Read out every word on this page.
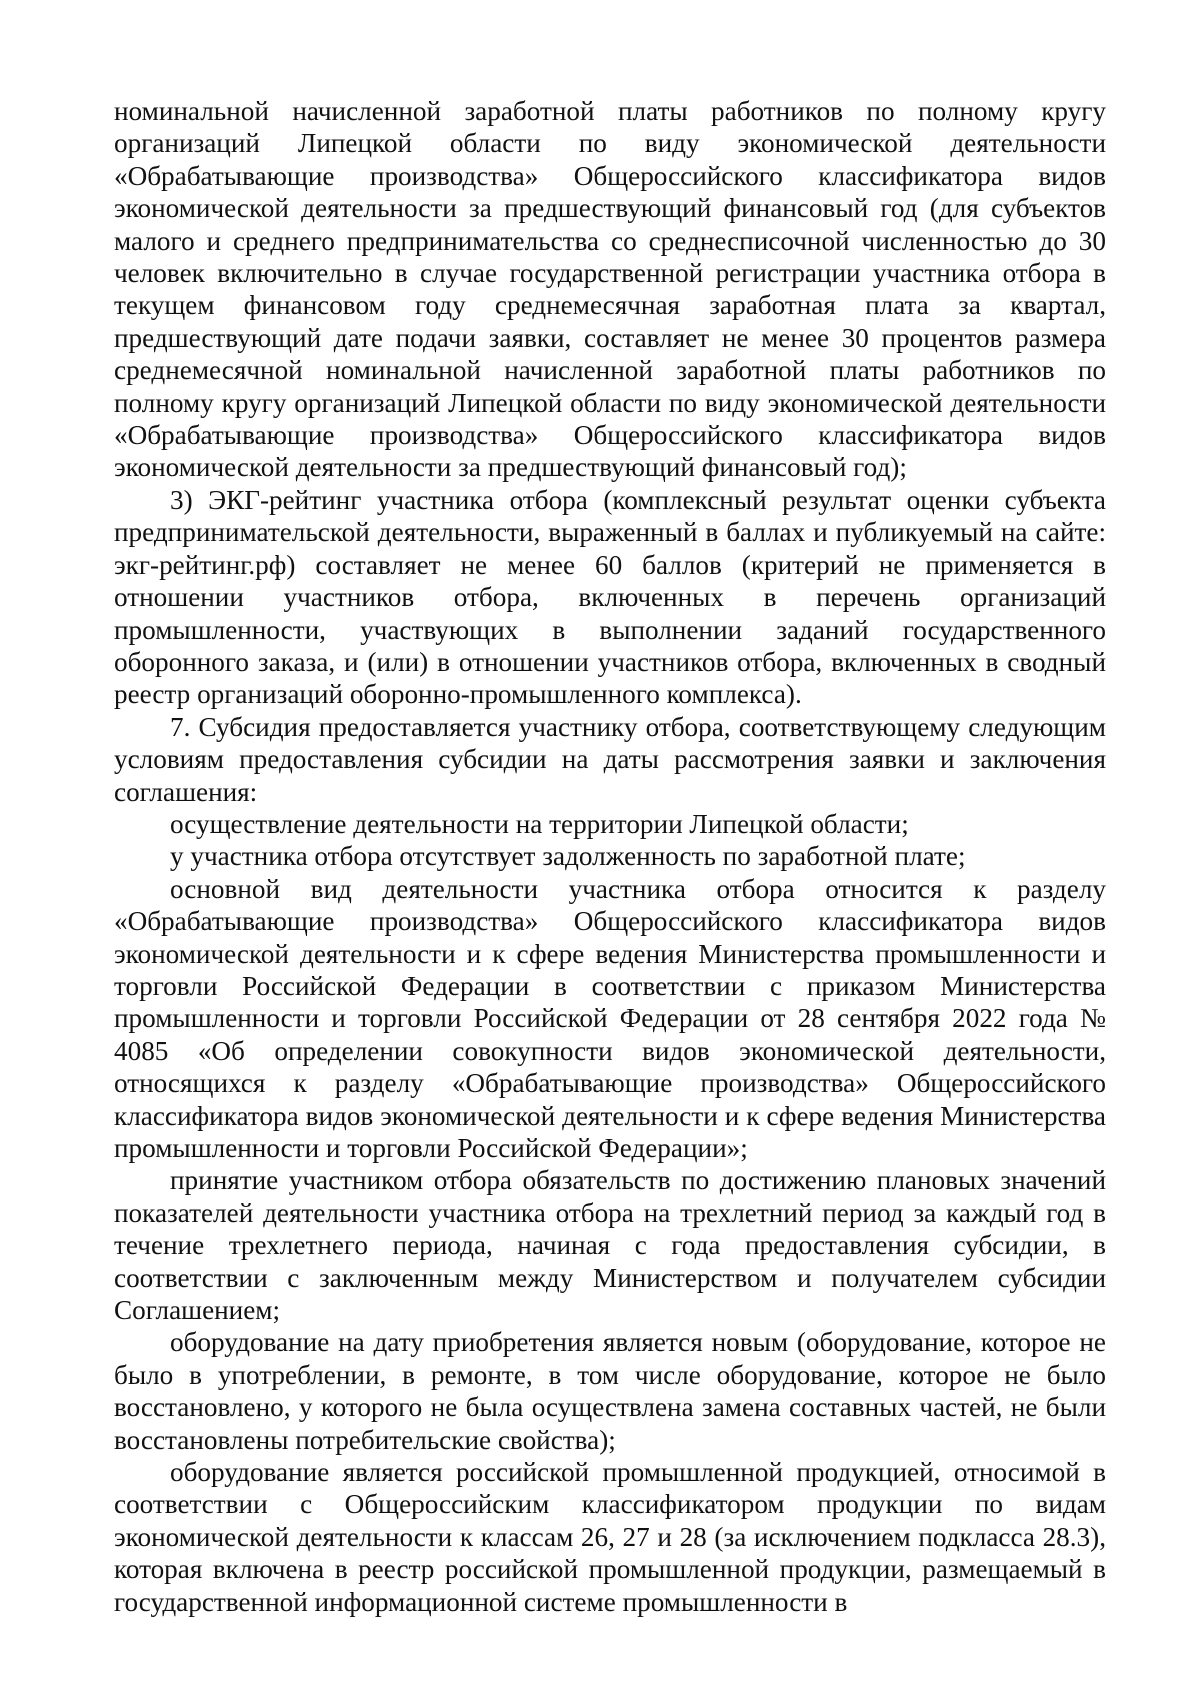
номинальной начисленной заработной платы работников по полному кругу организаций Липецкой области по виду экономической деятельности «Обрабатывающие производства» Общероссийского классификатора видов экономической деятельности за предшествующий финансовый год (для субъектов малого и среднего предпринимательства со среднесписочной численностью до 30 человек включительно в случае государственной регистрации участника отбора в текущем финансовом году среднемесячная заработная плата за квартал, предшествующий дате подачи заявки, составляет не менее 30 процентов размера среднемесячной номинальной начисленной заработной платы работников по полному кругу организаций Липецкой области по виду экономической деятельности «Обрабатывающие производства» Общероссийского классификатора видов экономической деятельности за предшествующий финансовый год);

3) ЭКГ-рейтинг участника отбора (комплексный результат оценки субъекта предпринимательской деятельности, выраженный в баллах и публикуемый на сайте: экг-рейтинг.рф) составляет не менее 60 баллов (критерий не применяется в отношении участников отбора, включенных в перечень организаций промышленности, участвующих в выполнении заданий государственного оборонного заказа, и (или) в отношении участников отбора, включенных в сводный реестр организаций оборонно-промышленного комплекса).

7. Субсидия предоставляется участнику отбора, соответствующему следующим условиям предоставления субсидии на даты рассмотрения заявки и заключения соглашения:

осуществление деятельности на территории Липецкой области;

у участника отбора отсутствует задолженность по заработной плате;

основной вид деятельности участника отбора относится к разделу «Обрабатывающие производства» Общероссийского классификатора видов экономической деятельности и к сфере ведения Министерства промышленности и торговли Российской Федерации в соответствии с приказом Министерства промышленности и торговли Российской Федерации от 28 сентября 2022 года № 4085 «Об определении совокупности видов экономической деятельности, относящихся к разделу «Обрабатывающие производства» Общероссийского классификатора видов экономической деятельности и к сфере ведения Министерства промышленности и торговли Российской Федерации»;

принятие участником отбора обязательств по достижению плановых значений показателей деятельности участника отбора на трехлетний период за каждый год в течение трехлетнего периода, начиная с года предоставления субсидии, в соответствии с заключенным между Министерством и получателем субсидии Соглашением;

оборудование на дату приобретения является новым (оборудование, которое не было в употреблении, в ремонте, в том числе оборудование, которое не было восстановлено, у которого не была осуществлена замена составных частей, не были восстановлены потребительские свойства);

оборудование является российской промышленной продукцией, относимой в соответствии с Общероссийским классификатором продукции по видам экономической деятельности к классам 26, 27 и 28 (за исключением подкласса 28.3), которая включена в реестр российской промышленной продукции, размещаемый в государственной информационной системе промышленности в
